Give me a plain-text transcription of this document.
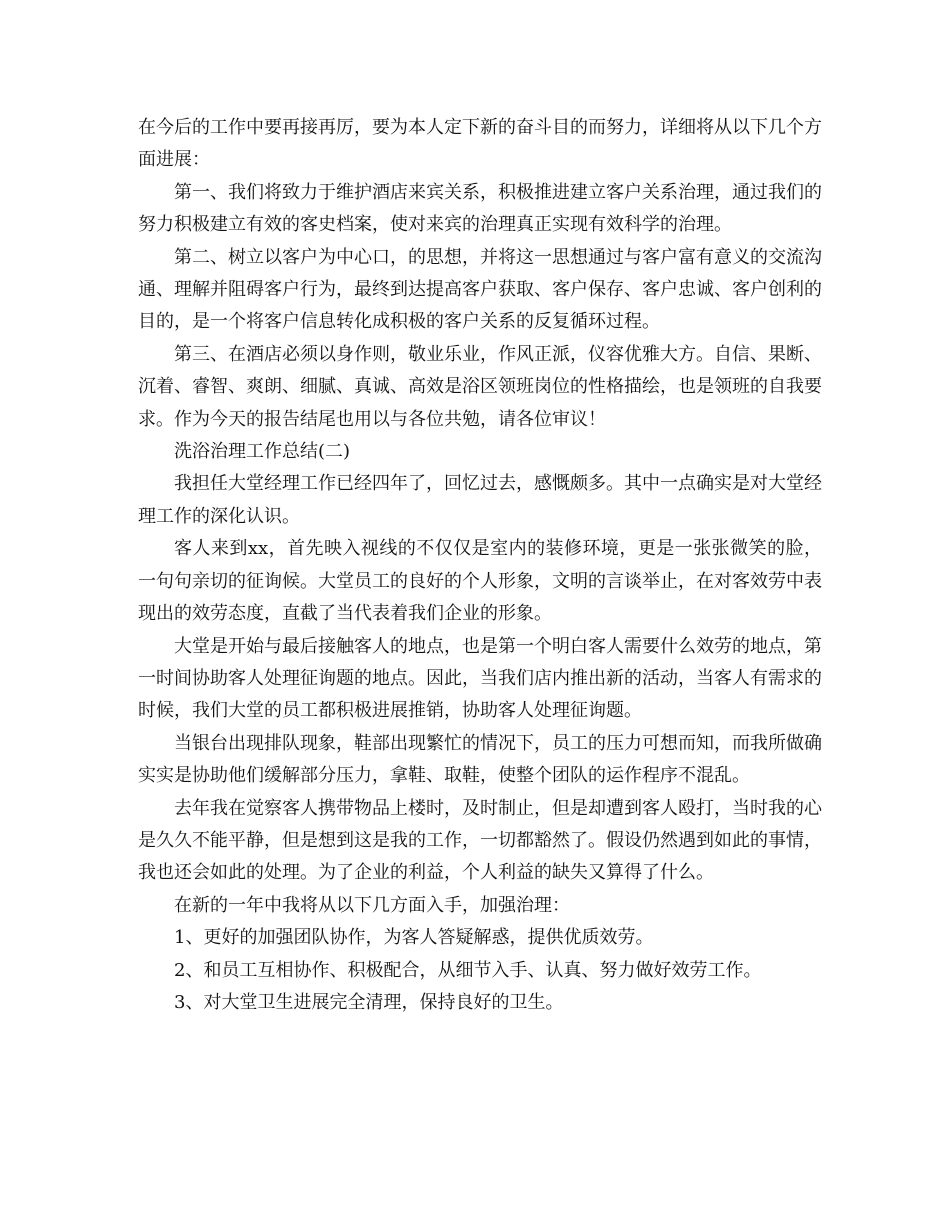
在今后的工作中要再接再厉，要为本人定下新的奋斗目的而努力，详细将从以下几个方面进展：

第一、我们将致力于维护酒店来宾关系，积极推进建立客户关系治理，通过我们的努力积极建立有效的客史档案，使对来宾的治理真正实现有效科学的治理。

第二、树立以客户为中心口，的思想，并将这一思想通过与客户富有意义的交流沟通、理解并阻碍客户行为，最终到达提高客户获取、客户保存、客户忠诚、客户创利的目的，是一个将客户信息转化成积极的客户关系的反复循环过程。

第三、在酒店必须以身作则，敬业乐业，作风正派，仪容优雅大方。自信、果断、沉着、睿智、爽朗、细腻、真诚、高效是浴区领班岗位的性格描绘，也是领班的自我要求。作为今天的报告结尾也用以与各位共勉，请各位审议！

洗浴治理工作总结(二)

我担任大堂经理工作已经四年了，回忆过去，感慨颇多。其中一点确实是对大堂经理工作的深化认识。

客人来到xx，首先映入视线的不仅仅是室内的装修环境，更是一张张微笑的脸，一句句亲切的征询候。大堂员工的良好的个人形象，文明的言谈举止，在对客效劳中表现出的效劳态度，直截了当代表着我们企业的形象。

大堂是开始与最后接触客人的地点，也是第一个明白客人需要什么效劳的地点，第一时间协助客人处理征询题的地点。因此，当我们店内推出新的活动，当客人有需求的时候，我们大堂的员工都积极进展推销，协助客人处理征询题。

当银台出现排队现象，鞋部出现繁忙的情况下，员工的压力可想而知，而我所做确实实是协助他们缓解部分压力，拿鞋、取鞋，使整个团队的运作程序不混乱。

去年我在觉察客人携带物品上楼时，及时制止，但是却遭到客人殴打，当时我的心是久久不能平静，但是想到这是我的工作，一切都豁然了。假设仍然遇到如此的事情，我也还会如此的处理。为了企业的利益，个人利益的缺失又算得了什么。

在新的一年中我将从以下几方面入手，加强治理：

1、更好的加强团队协作，为客人答疑解惑，提供优质效劳。

2、和员工互相协作、积极配合，从细节入手、认真、努力做好效劳工作。

3、对大堂卫生进展完全清理，保持良好的卫生。
